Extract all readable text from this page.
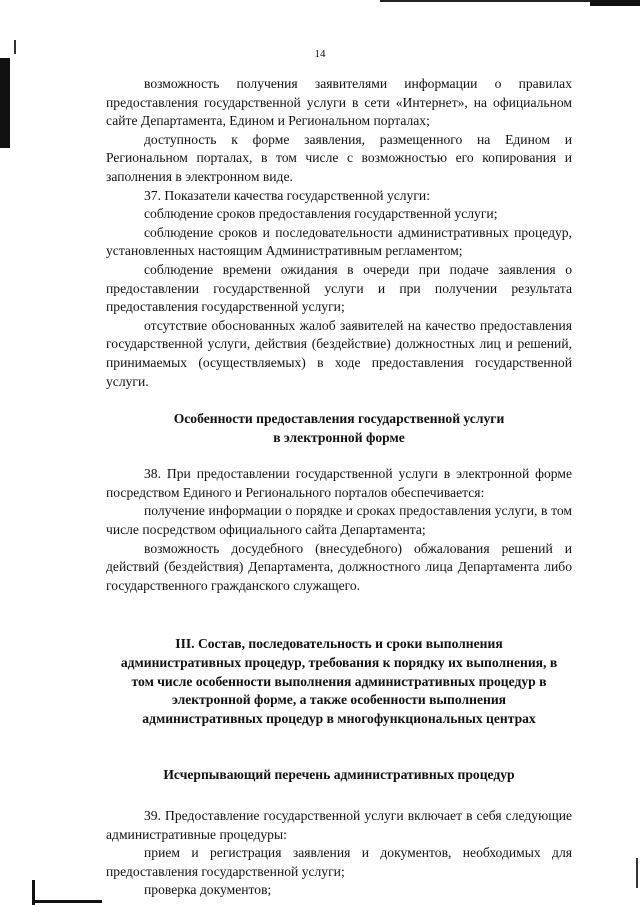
14

возможность получения заявителями информации о правилах предоставления государственной услуги в сети «Интернет», на официальном сайте Департамента, Едином и Региональном порталах;

доступность к форме заявления, размещенного на Едином и Региональном порталах, в том числе с возможностью его копирования и заполнения в электронном виде.

37. Показатели качества государственной услуги:

соблюдение сроков предоставления государственной услуги;

соблюдение сроков и последовательности административных процедур, установленных настоящим Административным регламентом;

соблюдение времени ожидания в очереди при подаче заявления о предоставлении государственной услуги и при получении результата предоставления государственной услуги;

отсутствие обоснованных жалоб заявителей на качество предоставления государственной услуги, действия (бездействие) должностных лиц и решений, принимаемых (осуществляемых) в ходе предоставления государственной услуги.

Особенности предоставления государственной услуги

в электронной форме

38. При предоставлении государственной услуги в электронной форме посредством Единого и Регионального порталов обеспечивается:

получение информации о порядке и сроках предоставления услуги, в том числе посредством официального сайта Департамента;

возможность досудебного (внесудебного) обжалования решений и действий (бездействия) Департамента, должностного лица Департамента либо государственного гражданского служащего.

III. Состав, последовательность и сроки выполнения

административных процедур, требования к порядку их выполнения, в

том числе особенности выполнения административных процедур в

электронной форме, а также особенности выполнения

административных процедур в многофункциональных центрах

Исчерпывающий перечень административных процедур

39. Предоставление государственной услуги включает в себя следующие административные процедуры:

прием и регистрация заявления и документов, необходимых для предоставления государственной услуги;

проверка документов;
